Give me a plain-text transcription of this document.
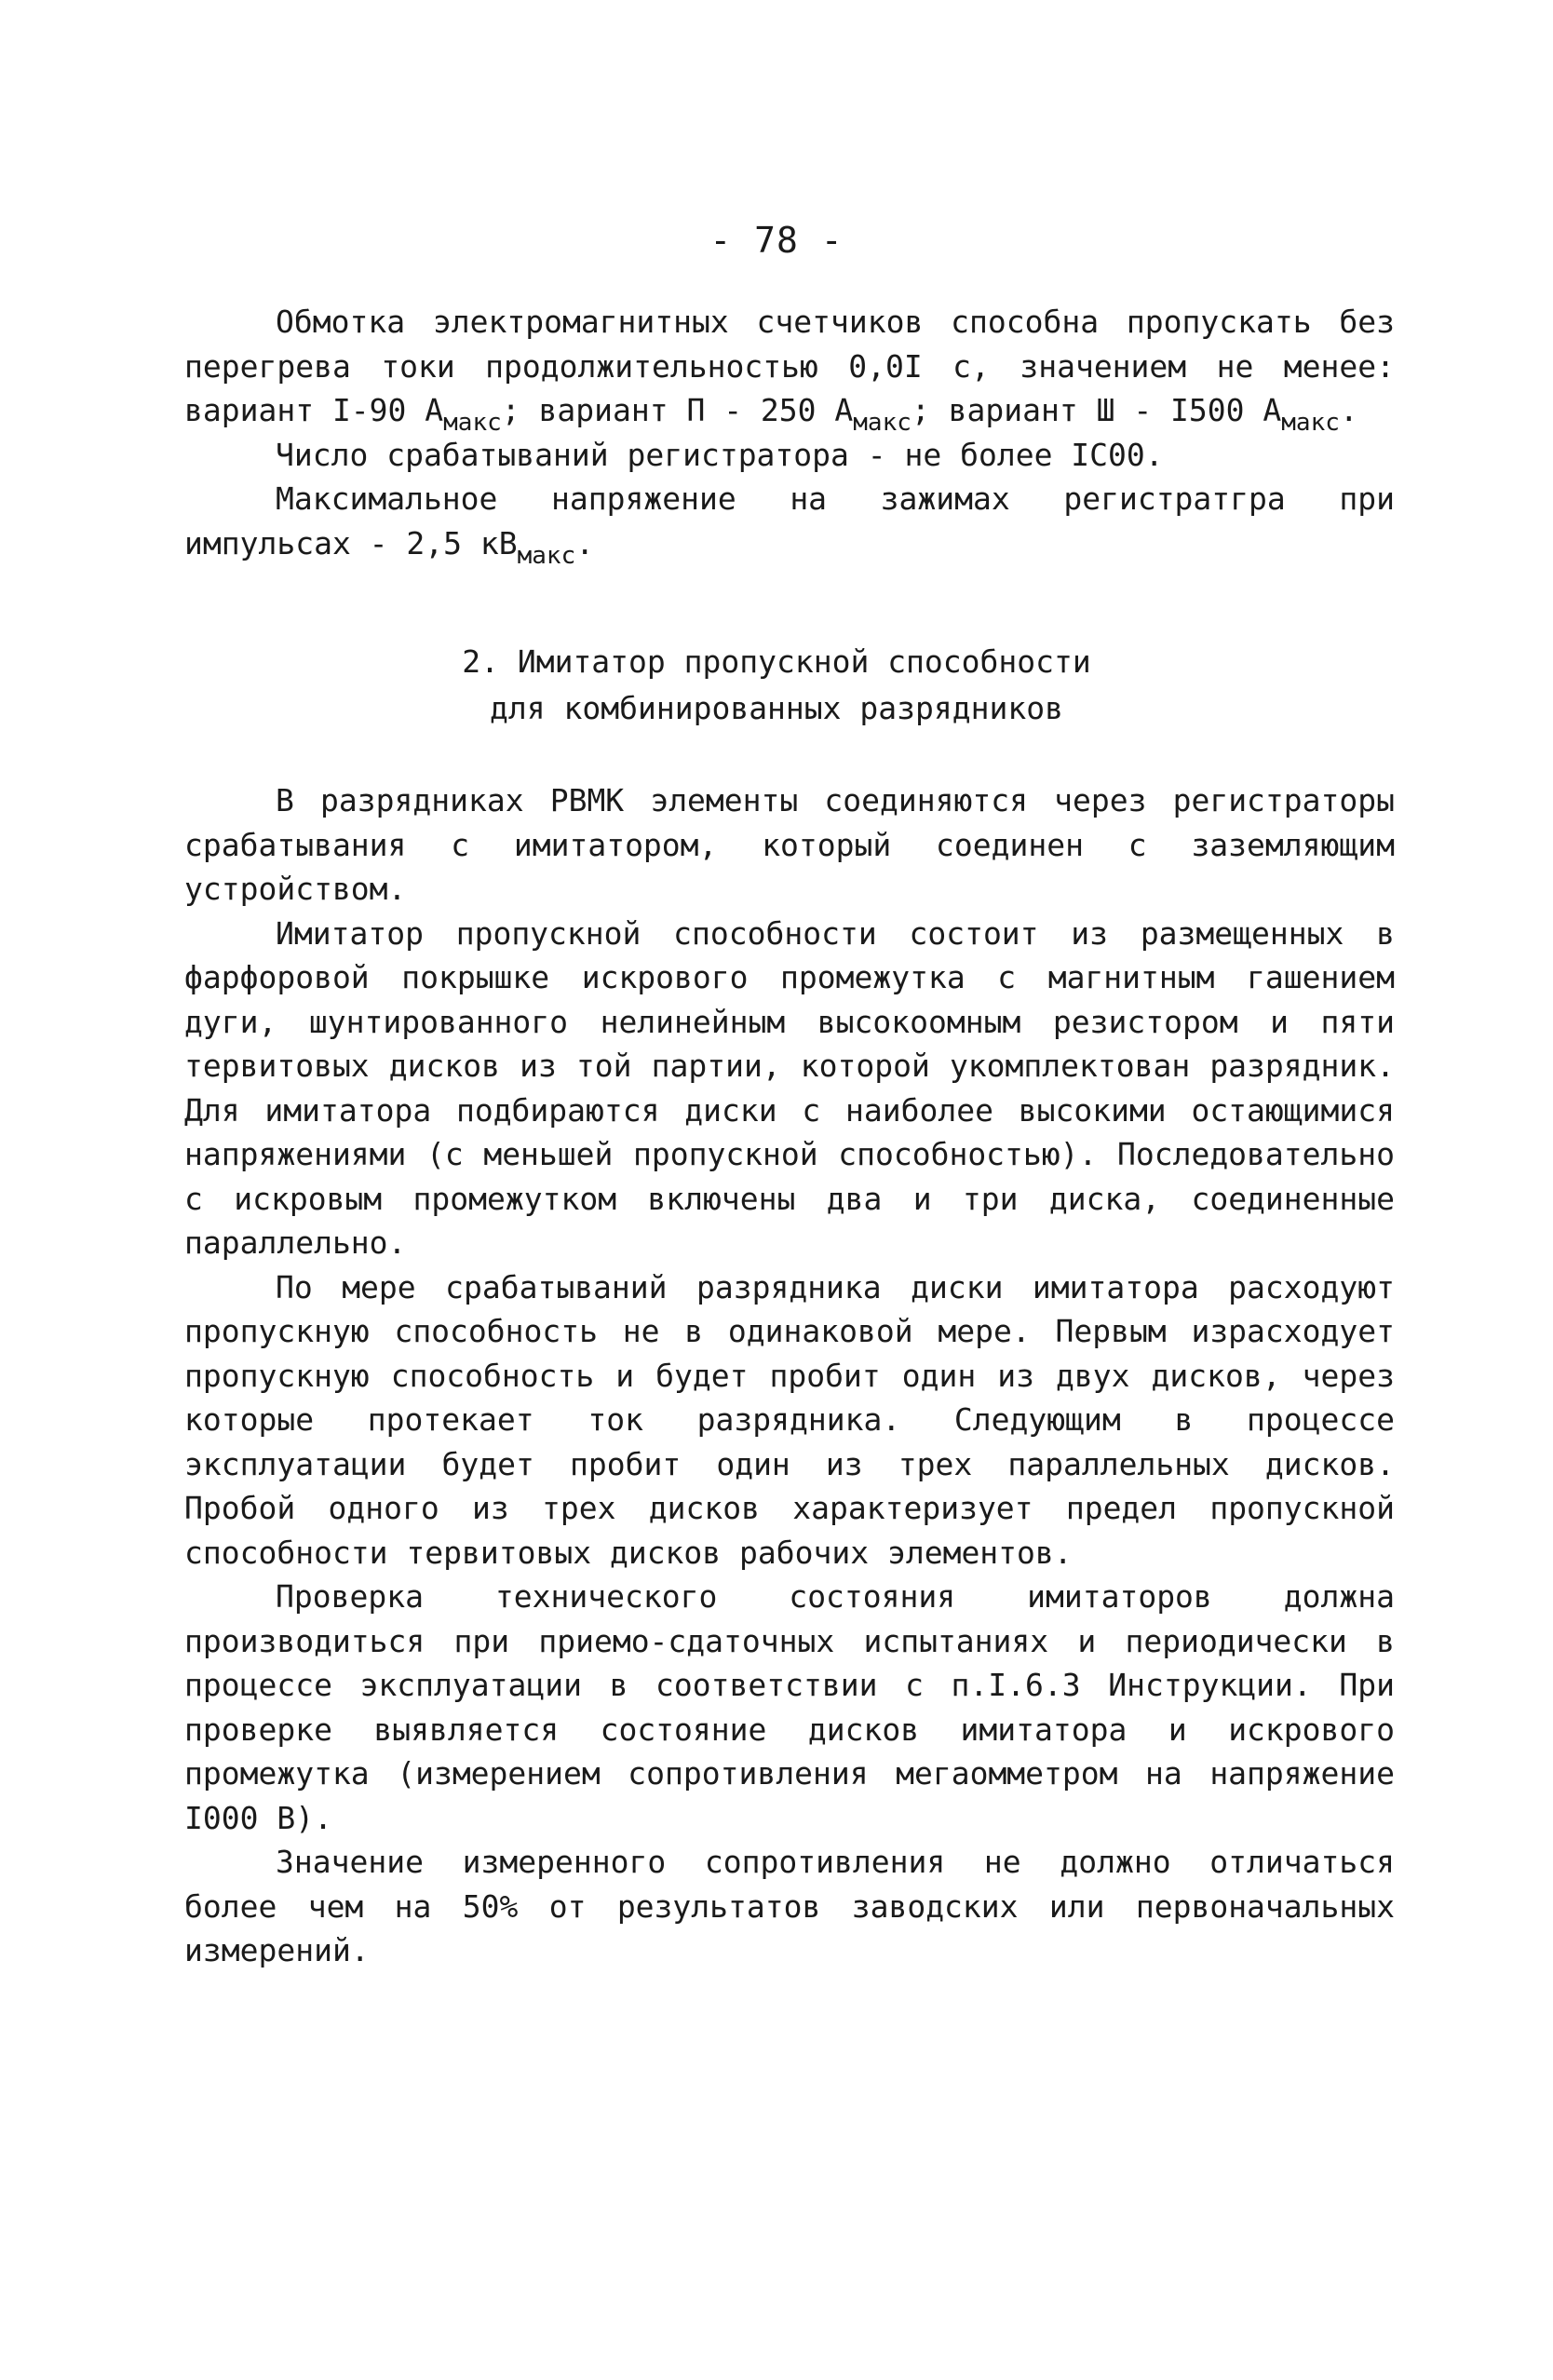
- 78 -

Обмотка электромагнитных счетчиков способна пропускать без перегрева токи продолжительностью 0,0I с, значением не менее: вариант I-90 $A_{макс}$; вариант П - 250 $A_{макс}$; вариант Ш - I500 $A_{макс}$.

Число срабатываний регистратора - не более IC00.

Максимальное напряжение на зажимах регистратгра при импульсах - 2,5 $кВ_{макс}$.

2. Имитатор пропускной способности
для комбинированных разрядников

В разрядниках РВМК элементы соединяются через регистраторы срабатывания с имитатором, который соединен с заземляющим устройством.

Имитатор пропускной способности состоит из размещенных в фарфоровой покрышке искрового промежутка с магнитным гашением дуги, шунтированного нелинейным высокоомным резистором и пяти тервитовых дисков из той партии, которой укомплектован разрядник. Для имитатора подбираются диски с наиболее высокими остающимися напряжениями (с меньшей пропускной способностью). Последовательно с искровым промежутком включены два и три диска, соединенные параллельно.

По мере срабатываний разрядника диски имитатора расходуют пропускную способность не в одинаковой мере. Первым израсходует пропускную способность и будет пробит один из двух дисков, через которые протекает ток разрядника. Следующим в процессе эксплуатации будет пробит один из трех параллельных дисков. Пробой одного из трех дисков характеризует предел пропускной способности тервитовых дисков рабочих элементов.

Проверка технического состояния имитаторов должна производиться при приемо-сдаточных испытаниях и периодически в процессе эксплуатации в соответствии с п.I.6.3 Инструкции. При проверке выявляется состояние дисков имитатора и искрового промежутка (измерением сопротивления мегаомметром на напряжение I000 В).

Значение измеренного сопротивления не должно отличаться более чем на 50% от результатов заводских или первоначальных измерений.
